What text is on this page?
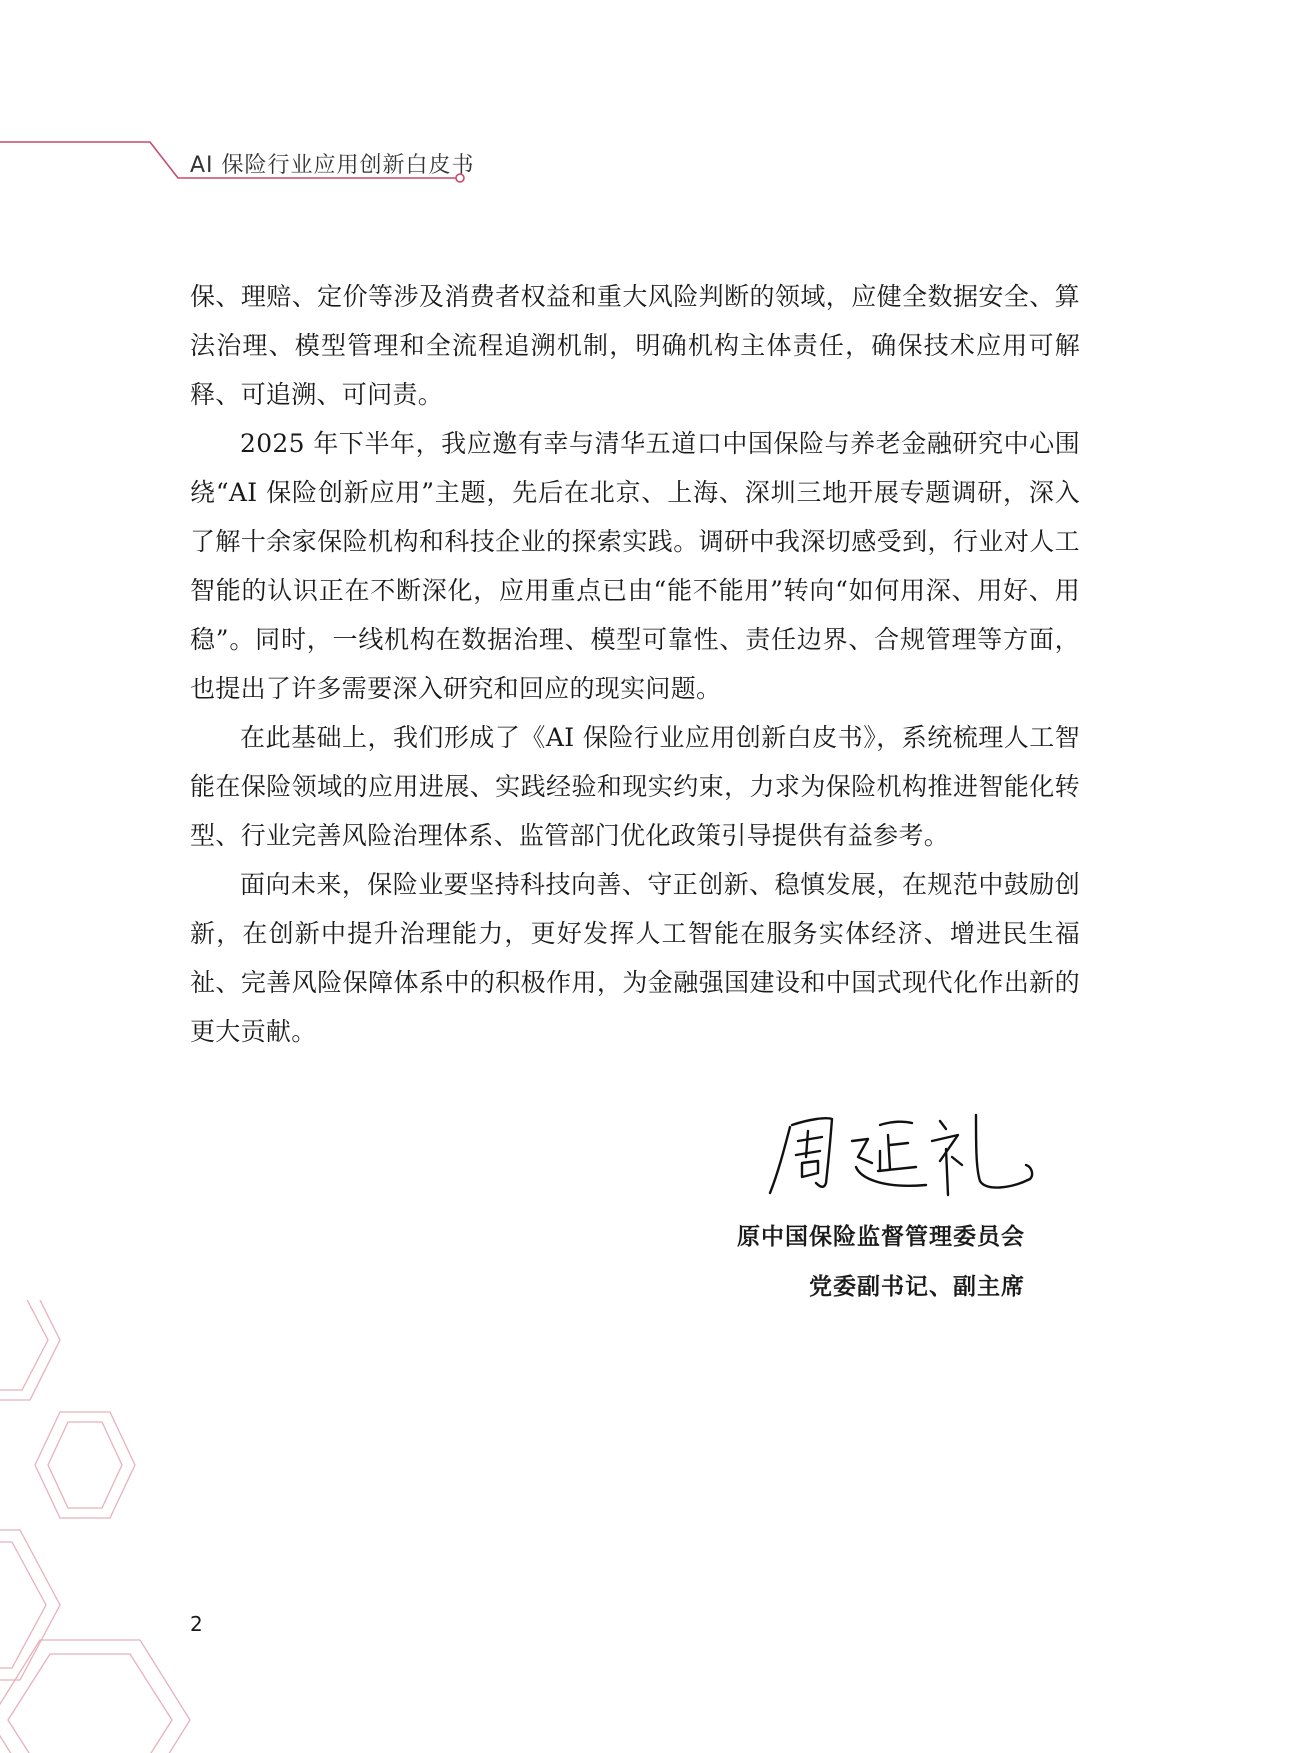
AI 保险行业应用创新白皮书

保、理赔、定价等涉及消费者权益和重大风险判断的领域，应健全数据安全、算法治理、模型管理和全流程追溯机制，明确机构主体责任，确保技术应用可解释、可追溯、可问责。

2025 年下半年，我应邀有幸与清华五道口中国保险与养老金融研究中心围绕“AI 保险创新应用”主题，先后在北京、上海、深圳三地开展专题调研，深入了解十余家保险机构和科技企业的探索实践。调研中我深切感受到，行业对人工智能的认识正在不断深化，应用重点已由“能不能用”转向“如何用深、用好、用稳”。同时，一线机构在数据治理、模型可靠性、责任边界、合规管理等方面，也提出了许多需要深入研究和回应的现实问题。

在此基础上，我们形成了《AI 保险行业应用创新白皮书》，系统梳理人工智能在保险领域的应用进展、实践经验和现实约束，力求为保险机构推进智能化转型、行业完善风险治理体系、监管部门优化政策引导提供有益参考。

面向未来，保险业要坚持科技向善、守正创新、稳慎发展，在规范中鼓励创新，在创新中提升治理能力，更好发挥人工智能在服务实体经济、增进民生福祉、完善风险保障体系中的积极作用，为金融强国建设和中国式现代化作出新的更大贡献。

原中国保险监督管理委员会
党委副书记、副主席
2
